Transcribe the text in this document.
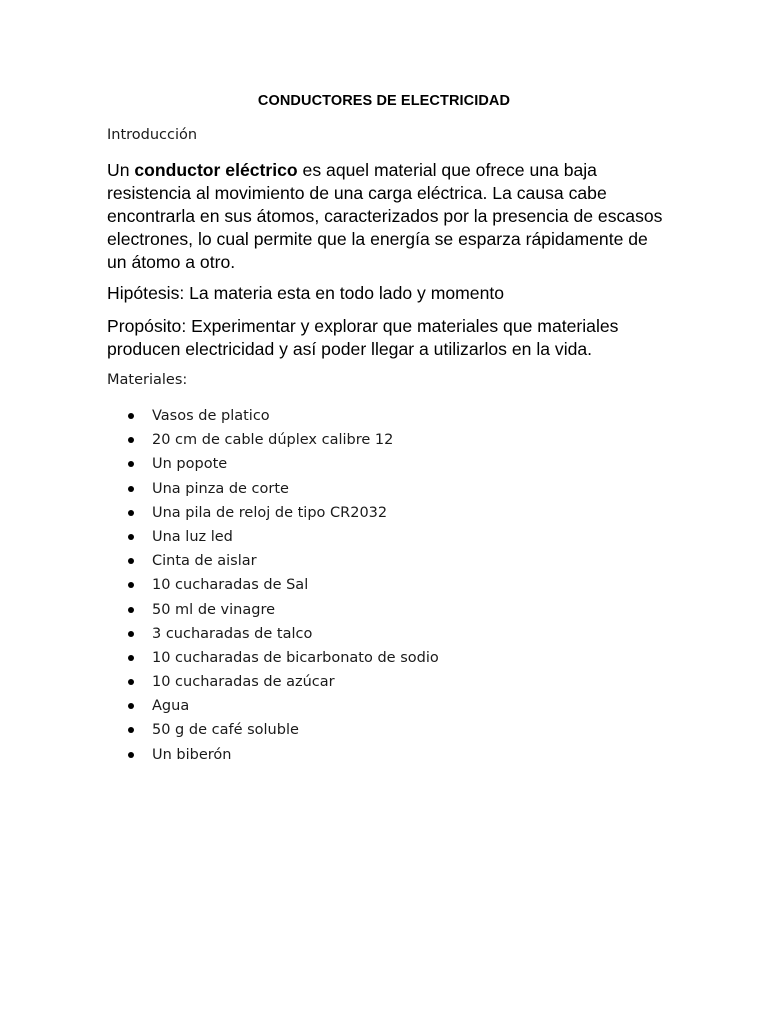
CONDUCTORES DE ELECTRICIDAD
Introducción

Un conductor eléctrico es aquel material que ofrece una baja resistencia al movimiento de una carga eléctrica. La causa cabe encontrarla en sus átomos, caracterizados por la presencia de escasos electrones, lo cual permite que la energía se esparza rápidamente de un átomo a otro.

Hipótesis: La materia esta en todo lado y momento

Propósito: Experimentar y explorar que materiales que materiales producen electricidad y así poder llegar a utilizarlos en la vida.

Materiales:
Vasos de platico
20 cm de cable dúplex calibre 12
Un popote
Una pinza de corte
Una pila de reloj de tipo CR2032
Una luz led
Cinta de aislar
10 cucharadas de Sal
50 ml de vinagre
3 cucharadas de talco
10 cucharadas de bicarbonato de sodio
10 cucharadas de azúcar
Agua
50 g de café soluble
Un biberón
